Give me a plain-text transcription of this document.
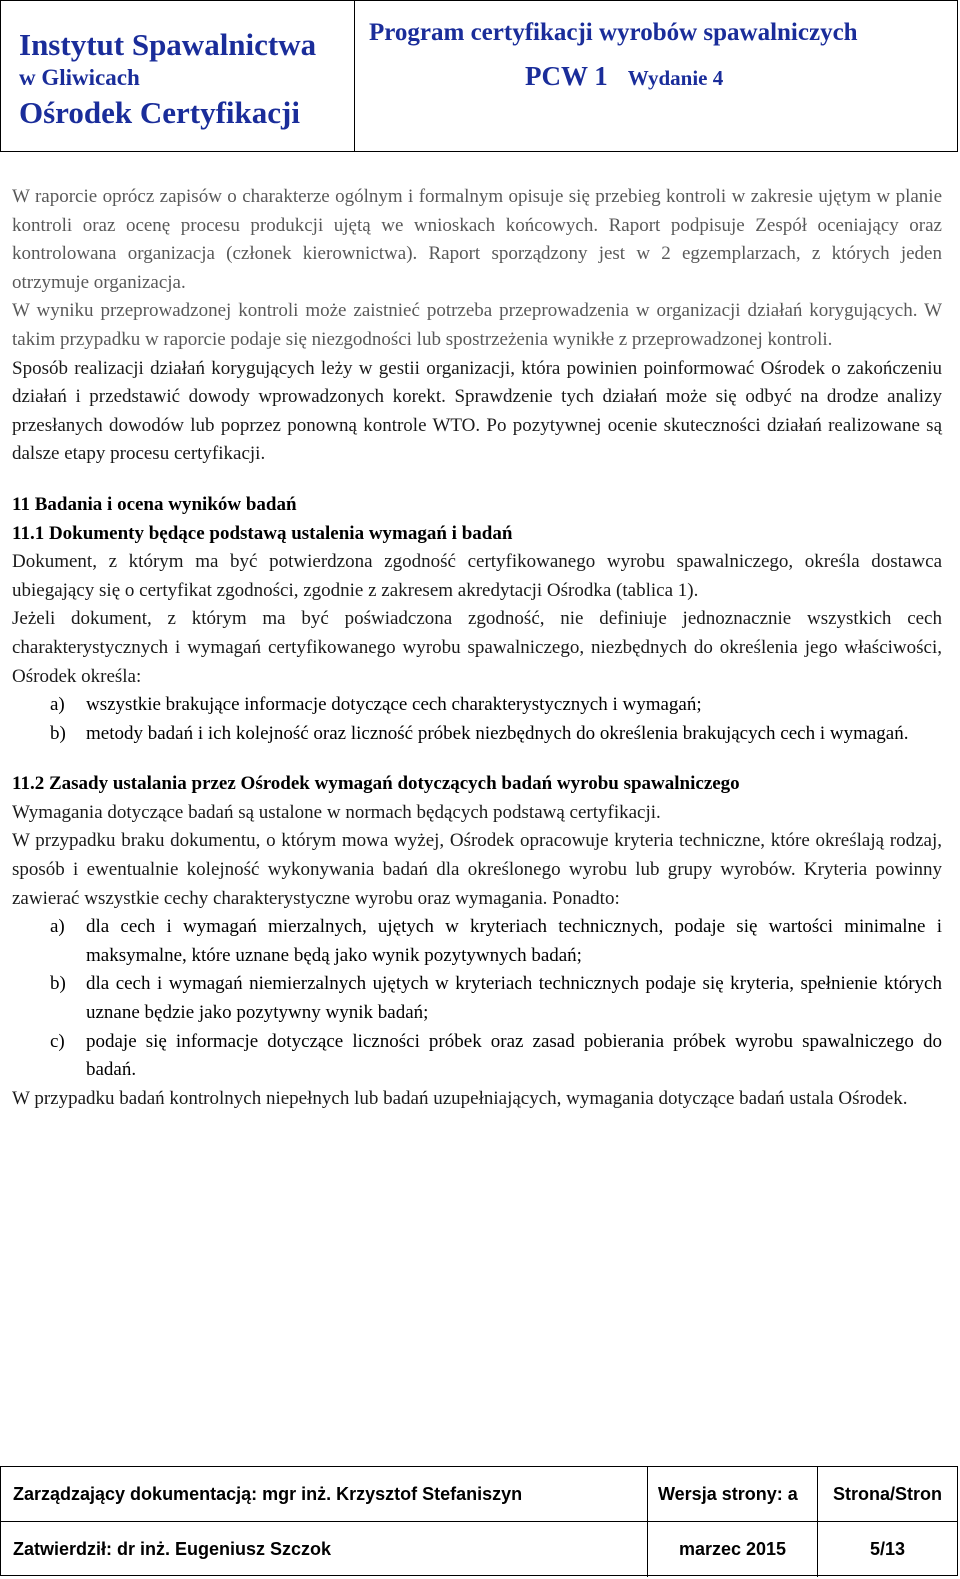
Instytut Spawalnictwa
w Gliwicach
Ośrodek Certyfikacji
Program certyfikacji wyrobów spawalniczych
PCW 1 Wydanie 4

W raporcie oprócz zapisów o charakterze ogólnym i formalnym opisuje się przebieg kontroli w zakresie ujętym w planie kontroli oraz ocenę procesu produkcji ujętą we wnioskach końcowych. Raport podpisuje Zespół oceniający oraz kontrolowana organizacja (członek kierownictwa). Raport sporządzony jest w 2 egzemplarzach, z których jeden otrzymuje organizacja.

W wyniku przeprowadzonej kontroli może zaistnieć potrzeba przeprowadzenia w organizacji działań korygujących. W takim przypadku w raporcie podaje się niezgodności lub spostrzeżenia wynikłe z przeprowadzonej kontroli.

Sposób realizacji działań korygujących leży w gestii organizacji, która powinien poinformować Ośrodek o zakończeniu działań i przedstawić dowody wprowadzonych korekt. Sprawdzenie tych działań może się odbyć na drodze analizy przesłanych dowodów lub poprzez ponowną kontrole WTO. Po pozytywnej ocenie skuteczności działań realizowane są dalsze etapy procesu certyfikacji.

11 Badania i ocena wyników badań
11.1 Dokumenty będące podstawą ustalenia wymagań i badań

Dokument, z którym ma być potwierdzona zgodność certyfikowanego wyrobu spawalniczego, określa dostawca ubiegający się o certyfikat zgodności, zgodnie z zakresem akredytacji Ośrodka (tablica 1).

Jeżeli dokument, z którym ma być poświadczona zgodność, nie definiuje jednoznacznie wszystkich cech charakterystycznych i wymagań certyfikowanego wyrobu spawalniczego, niezbędnych do określenia jego właściwości, Ośrodek określa:

a) wszystkie brakujące informacje dotyczące cech charakterystycznych i wymagań;
b) metody badań i ich kolejność oraz liczność próbek niezbędnych do określenia brakujących cech i wymagań.
11.2 Zasady ustalania przez Ośrodek wymagań dotyczących badań wyrobu spawalniczego

Wymagania dotyczące badań są ustalone w normach będących podstawą certyfikacji.

W przypadku braku dokumentu, o którym mowa wyżej, Ośrodek opracowuje kryteria techniczne, które określają rodzaj, sposób i ewentualnie kolejność wykonywania badań dla określonego wyrobu lub grupy wyrobów. Kryteria powinny zawierać wszystkie cechy charakterystyczne wyrobu oraz wymagania. Ponadto:

a) dla cech i wymagań mierzalnych, ujętych w kryteriach technicznych, podaje się wartości minimalne i maksymalne, które uznane będą jako wynik pozytywnych badań;
b) dla cech i wymagań niemierzalnych ujętych w kryteriach technicznych podaje się kryteria, spełnienie których uznane będzie jako pozytywny wynik badań;
c) podaje się informacje dotyczące liczności próbek oraz zasad pobierania próbek wyrobu spawalniczego do badań.

W przypadku badań kontrolnych niepełnych lub badań uzupełniających, wymagania dotyczące badań ustala Ośrodek.

Zarządzający dokumentacją: mgr inż. Krzysztof Stefaniszyn	Wersja strony: a	Strona/Stron
Zatwierdził: dr inż. Eugeniusz Szczok	marzec 2015	5/13
